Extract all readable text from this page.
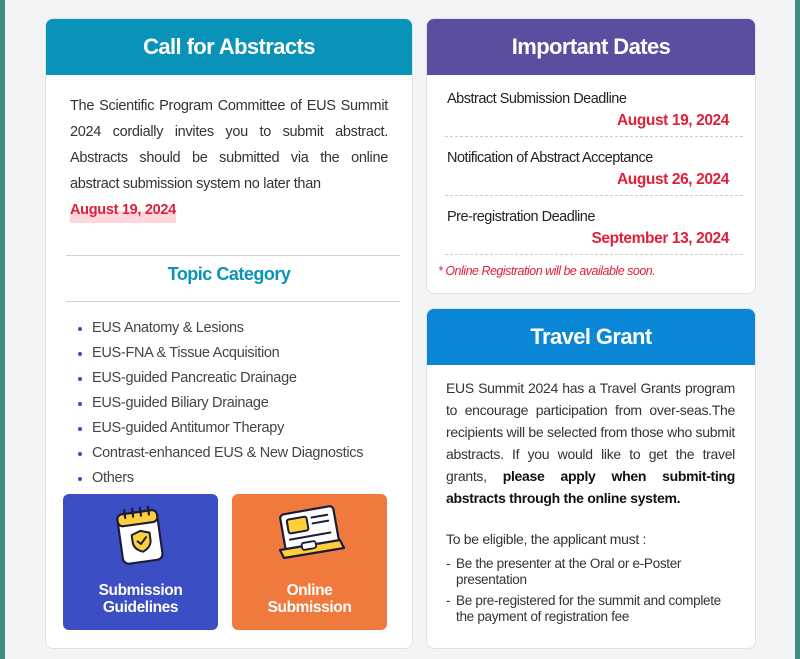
Call for Abstracts
The Scientific Program Committee of EUS Summit 2024 cordially invites you to submit abstract. Abstracts should be submitted via the online abstract submission system no later than
August 19, 2024
Topic Category
EUS Anatomy & Lesions
EUS-FNA & Tissue Acquisition
EUS-guided Pancreatic Drainage
EUS-guided Biliary Drainage
EUS-guided Antitumor Therapy
Contrast-enhanced EUS & New Diagnostics
Others
Submission
Guidelines
Online
Submission
Important Dates
Abstract Submission Deadline
August 19, 2024
Notification of Abstract Acceptance
August 26, 2024
Pre-registration Deadline
September 13, 2024
* Online Registration will be available soon.
Travel Grant
EUS Summit 2024 has a Travel Grants program to encourage participation from over-seas.The recipients will be selected from those who submit abstracts. If you would like to get the travel grants, please apply when submit-ting abstracts through the online system.
To be eligible, the applicant must :
- Be the presenter at the Oral or e-Poster presentation
- Be pre-registered for the summit and complete the payment of registration fee
